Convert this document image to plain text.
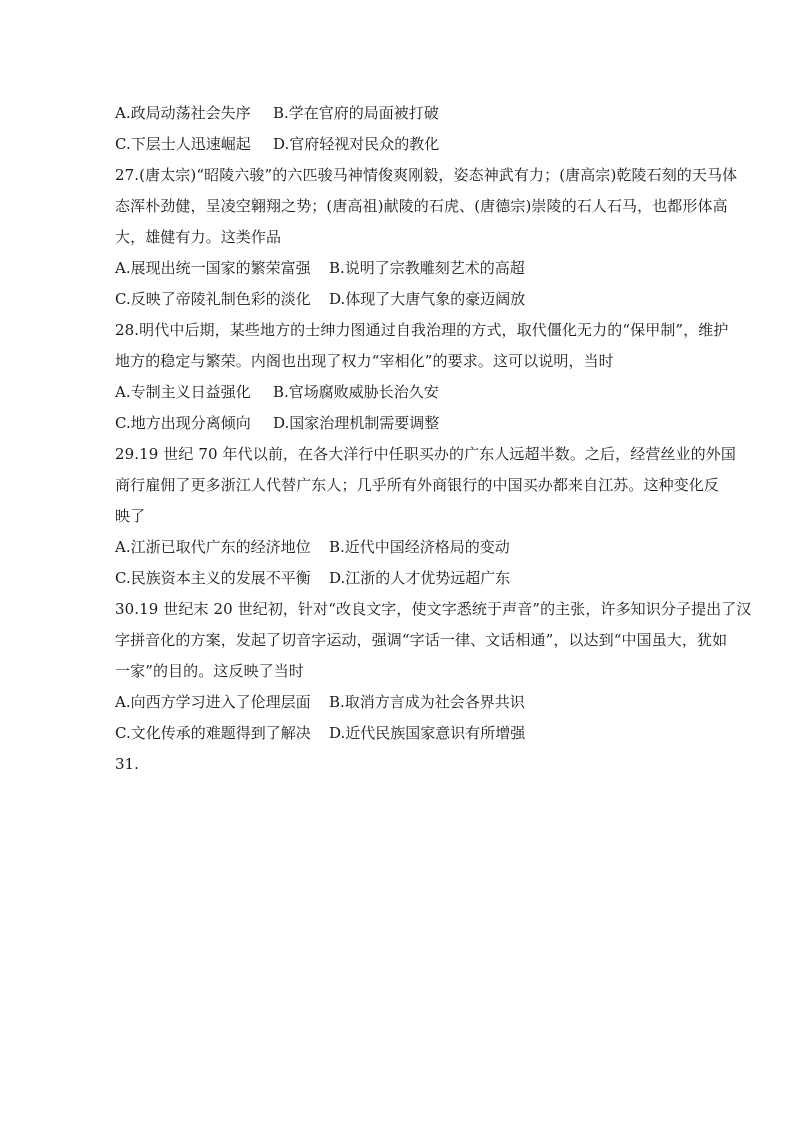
A.政局动荡社会失序	B.学在官府的局面被打破
C.下层士人迅速崛起	D.官府轻视对民众的教化
27.(唐太宗)“昭陵六骏”的六匹骏马神情俊爽刚毅，姿态神武有力；(唐高宗)乾陵石刻的天马体
态浑朴劲健，呈凌空翱翔之势；(唐高祖)献陵的石虎、(唐德宗)崇陵的石人石马，也都形体高
大，雄健有力。这类作品
A.展现出统一国家的繁荣富强	B.说明了宗教雕刻艺术的高超
C.反映了帝陵礼制色彩的淡化	D.体现了大唐气象的豪迈阔放
28.明代中后期，某些地方的士绅力图通过自我治理的方式，取代僵化无力的“保甲制”，维护
地方的稳定与繁荣。内阁也出现了权力“宰相化”的要求。这可以说明，当时
A.专制主义日益强化	B.官场腐败威胁长治久安
C.地方出现分离倾向	D.国家治理机制需要调整
29.19 世纪 70 年代以前，在各大洋行中任职买办的广东人远超半数。之后，经营丝业的外国
商行雇佣了更多浙江人代替广东人；几乎所有外商银行的中国买办都来自江苏。这种变化反
映了
A.江浙已取代广东的经济地位	B.近代中国经济格局的变动
C.民族资本主义的发展不平衡	D.江浙的人才优势远超广东
30.19 世纪末 20 世纪初，针对“改良文字，使文字悉统于声音”的主张，许多知识分子提出了汉
字拼音化的方案，发起了切音字运动，强调“字话一律、文话相通”，以达到“中国虽大，犹如
一家”的目的。这反映了当时
A.向西方学习进入了伦理层面	B.取消方言成为社会各界共识
C.文化传承的难题得到了解决	D.近代民族国家意识有所增强
31.
